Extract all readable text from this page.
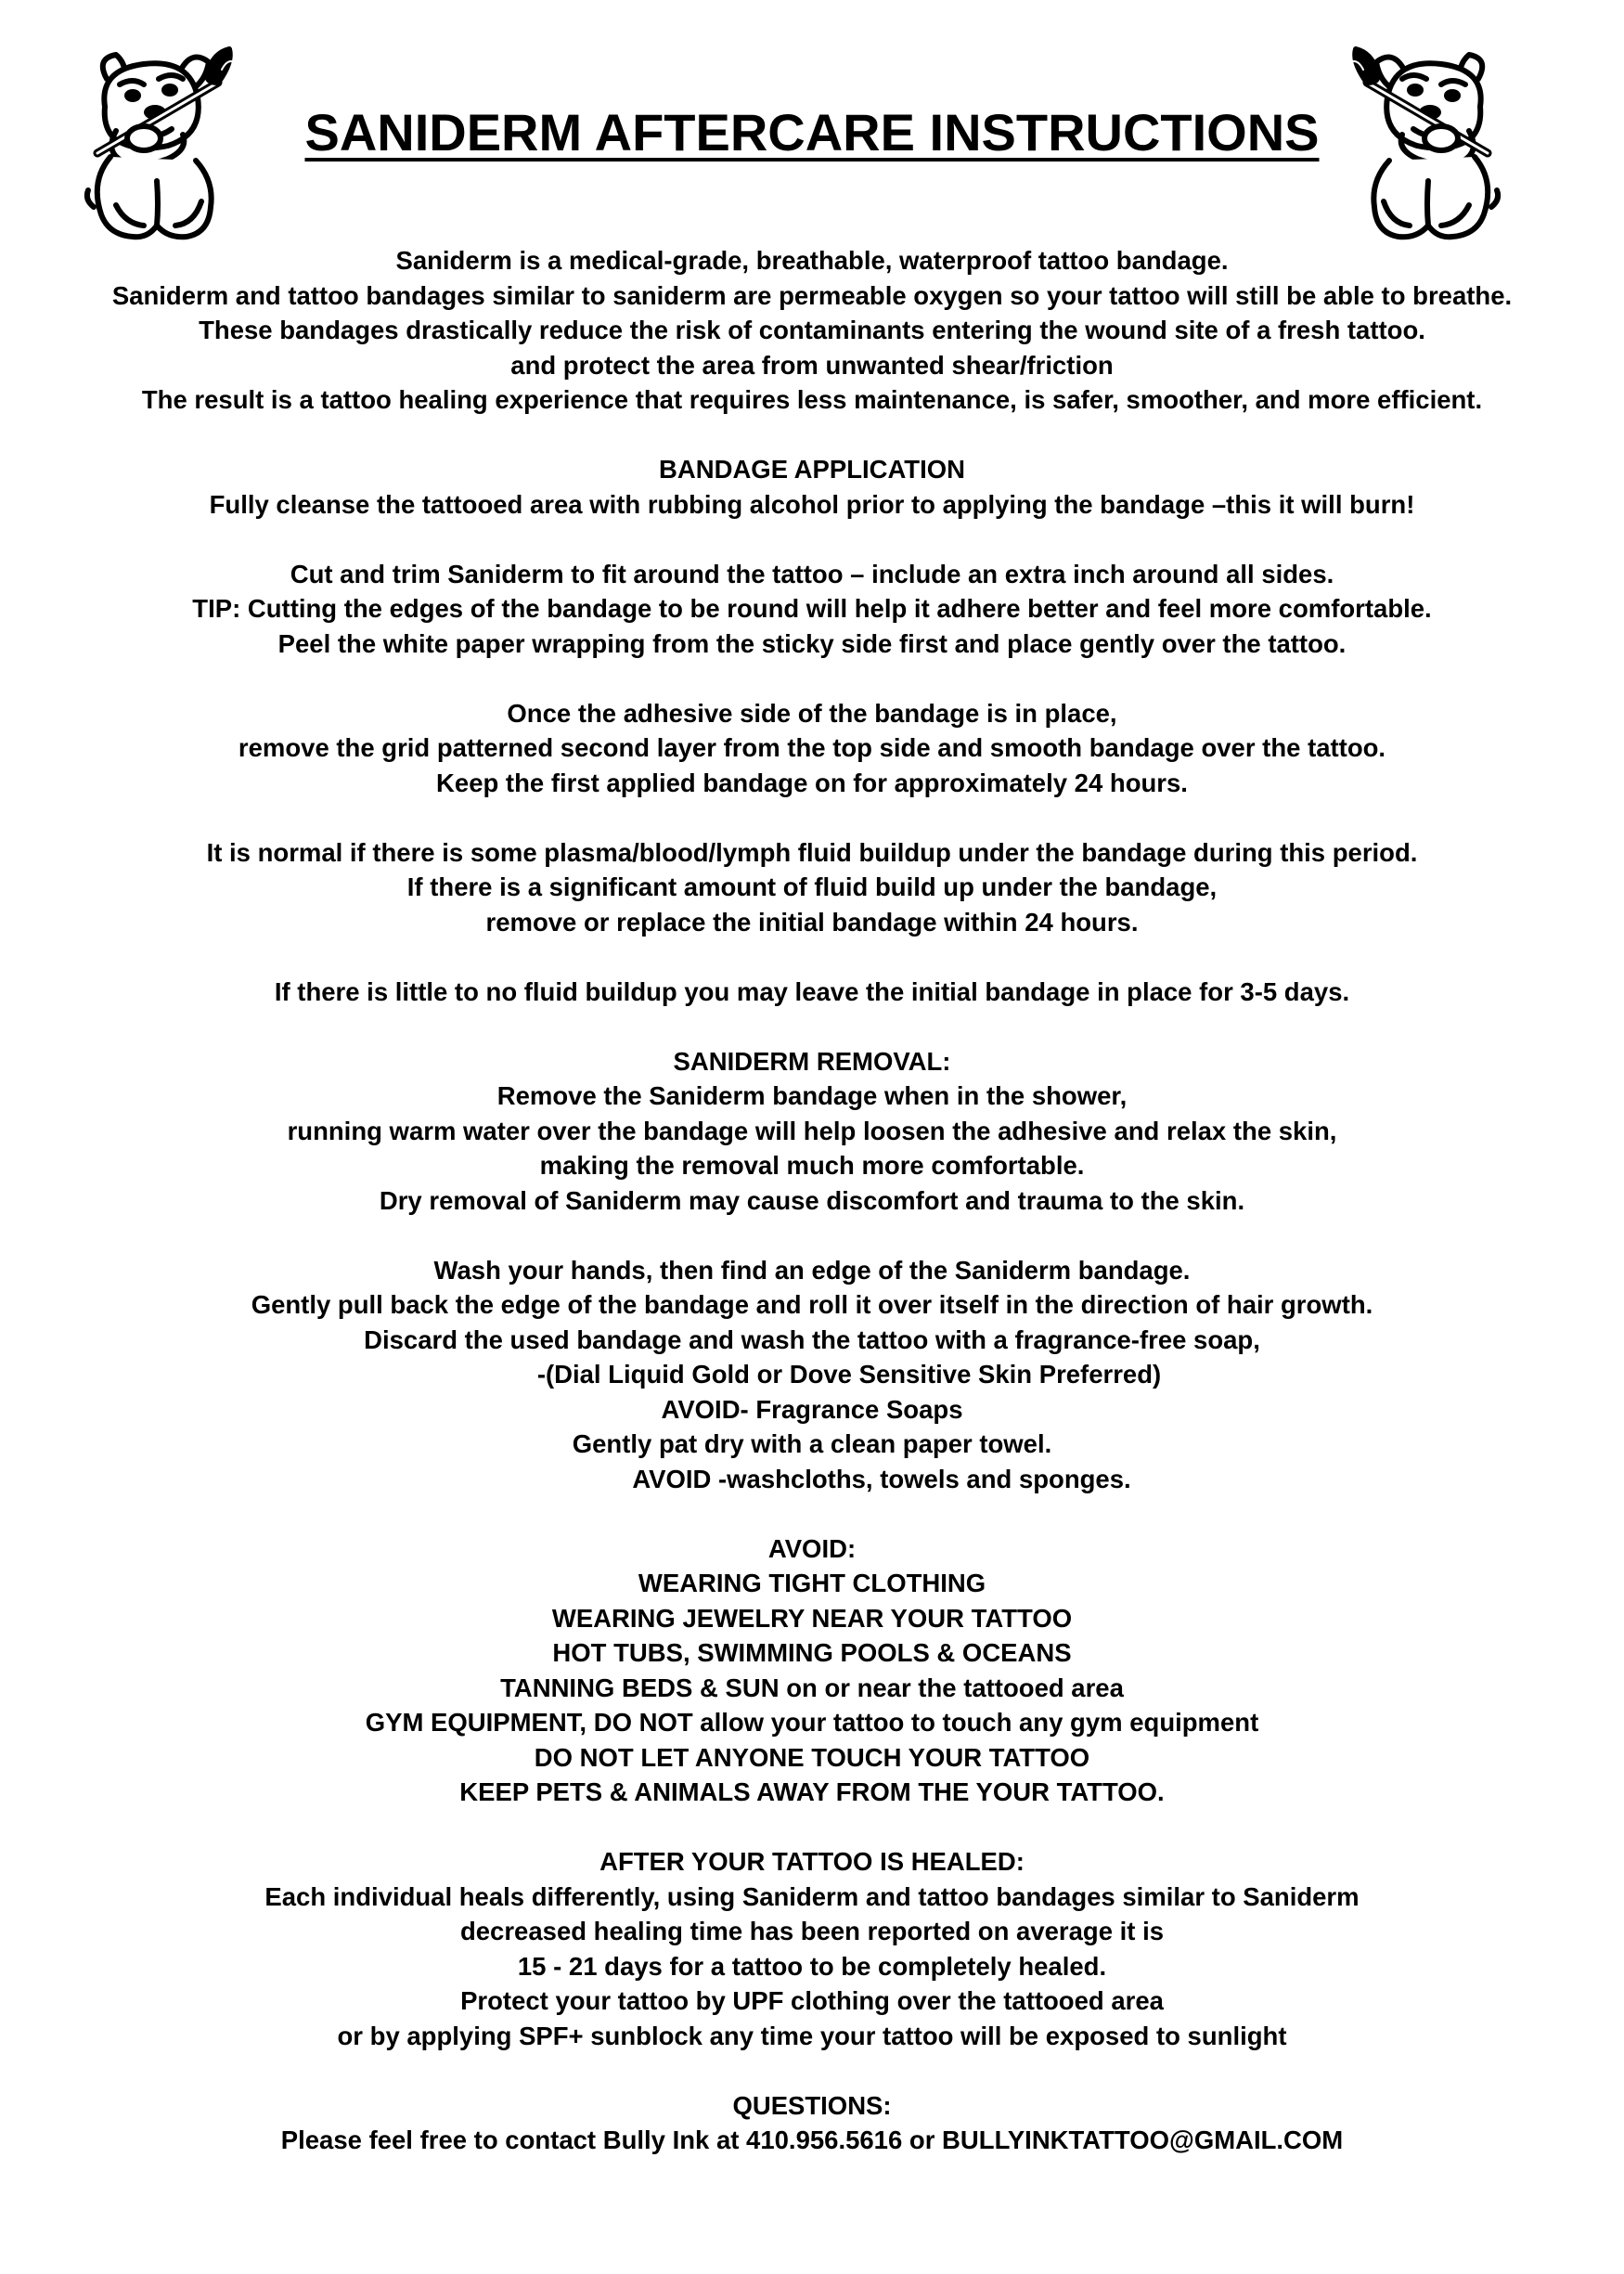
SANIDERM AFTERCARE INSTRUCTIONS
Saniderm is a medical-grade, breathable, waterproof tattoo bandage.
Saniderm and tattoo bandages similar to saniderm are permeable oxygen so your tattoo will still be able to breathe.
These bandages drastically reduce the risk of contaminants entering the wound site of a fresh tattoo.
and protect the area from unwanted shear/friction
The result is a tattoo healing experience that requires less maintenance, is safer, smoother, and more efficient.
BANDAGE APPLICATION
Fully cleanse the tattooed area with rubbing alcohol prior to applying the bandage –this it will burn!
Cut and trim Saniderm to fit around the tattoo – include an extra inch around all sides.
TIP: Cutting the edges of the bandage to be round will help it adhere better and feel more comfortable.
Peel the white paper wrapping from the sticky side first and place gently over the tattoo.
Once the adhesive side of the bandage is in place,
remove the grid patterned second layer from the top side and smooth bandage over the tattoo.
Keep the first applied bandage on for approximately 24 hours.
It is normal if there is some plasma/blood/lymph fluid buildup under the bandage during this period.
If there is a significant amount of fluid build up under the bandage,
remove or replace the initial bandage within 24 hours.
If there is little to no fluid buildup you may leave the initial bandage in place for 3-5 days.
SANIDERM REMOVAL:
Remove the Saniderm bandage when in the shower,
running warm water over the bandage will help loosen the adhesive and relax the skin,
making the removal much more comfortable.
Dry removal of Saniderm may cause discomfort and trauma to the skin.
Wash your hands, then find an edge of the Saniderm bandage.
Gently pull back the edge of the bandage and roll it over itself in the direction of hair growth.
Discard the used bandage and wash the tattoo with a fragrance-free soap,
-(Dial Liquid Gold or Dove Sensitive Skin Preferred)
AVOID- Fragrance Soaps
Gently pat dry with a clean paper towel.
AVOID -washcloths, towels and sponges.
AVOID:
WEARING TIGHT CLOTHING
WEARING JEWELRY NEAR YOUR TATTOO
HOT TUBS, SWIMMING POOLS & OCEANS
TANNING BEDS & SUN on or near the tattooed area
GYM EQUIPMENT, DO NOT allow your tattoo to touch any gym equipment
DO NOT LET ANYONE TOUCH YOUR TATTOO
KEEP PETS & ANIMALS AWAY FROM THE YOUR TATTOO.
AFTER YOUR TATTOO IS HEALED:
Each individual heals differently, using Saniderm and tattoo bandages similar to Saniderm
decreased healing time has been reported on average it is
15 - 21 days for a tattoo to be completely healed.
Protect your tattoo by UPF clothing over the tattooed area
or by applying SPF+ sunblock any time your tattoo will be exposed to sunlight
QUESTIONS:
Please feel free to contact Bully Ink at 410.956.5616 or BULLYINKTATTOO@GMAIL.COM
